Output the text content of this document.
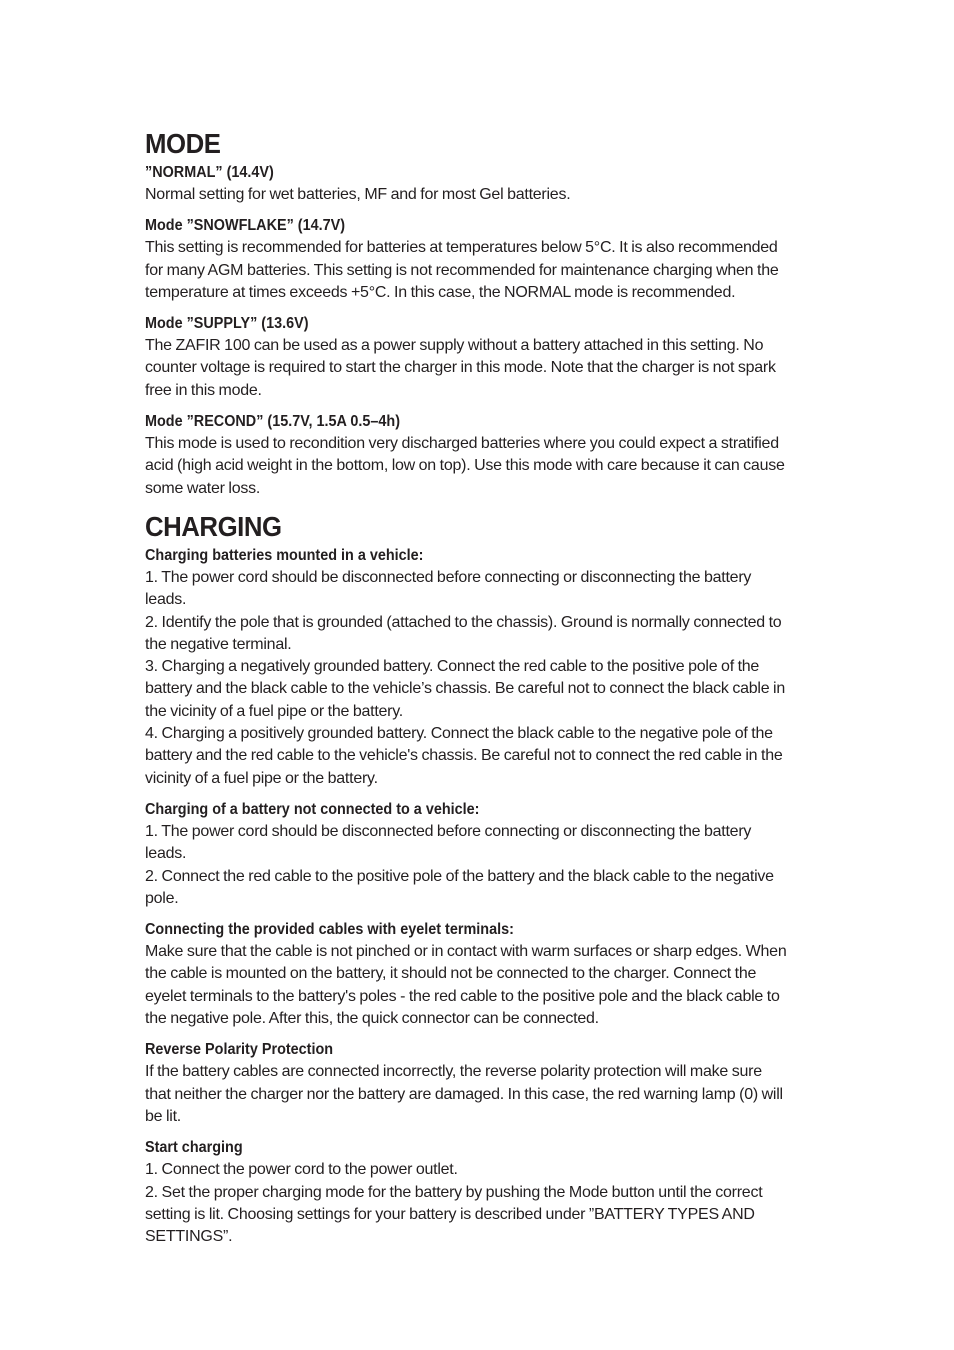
MODE
”NORMAL” (14.4V)

Normal setting for wet batteries, MF and for most Gel batteries.

Mode ”SNOWFLAKE” (14.7V)

This setting is recommended for batteries at temperatures below 5°C. It is also recommended
for many AGM batteries. This setting is not recommended for maintenance charging when the
temperature at times exceeds +5°C. In this case, the NORMAL mode is recommended.

Mode ”SUPPLY” (13.6V)

The ZAFIR 100 can be used as a power supply without a battery attached in this setting. No
counter voltage is required to start the charger in this mode. Note that the charger is not spark
free in this mode.

Mode ”RECOND” (15.7V, 1.5A 0.5–4h)

This mode is used to recondition very discharged batteries where you could expect a stratified
acid (high acid weight in the bottom, low on top). Use this mode with care because it can cause
some water loss.

CHARGING
Charging batteries mounted in a vehicle:

1. The power cord should be disconnected before connecting or disconnecting the battery
leads.
2. Identify the pole that is grounded (attached to the chassis). Ground is normally connected to
the negative terminal.
3. Charging a negatively grounded battery. Connect the red cable to the positive pole of the
battery and the black cable to the vehicle’s chassis. Be careful not to connect the black cable in
the vicinity of a fuel pipe or the battery.
4. Charging a positively grounded battery. Connect the black cable to the negative pole of the
battery and the red cable to the vehicle's chassis. Be careful not to connect the red cable in the
vicinity of a fuel pipe or the battery.

Charging of a battery not connected to a vehicle:

1. The power cord should be disconnected before connecting or disconnecting the battery
leads.
2. Connect the red cable to the positive pole of the battery and the black cable to the negative
pole.

Connecting the provided cables with eyelet terminals:

Make sure that the cable is not pinched or in contact with warm surfaces or sharp edges. When
the cable is mounted on the battery, it should not be connected to the charger. Connect the
eyelet terminals to the battery's poles - the red cable to the positive pole and the black cable to
the negative pole. After this, the quick connector can be connected.

Reverse Polarity Protection

If the battery cables are connected incorrectly, the reverse polarity protection will make sure
that neither the charger nor the battery are damaged. In this case, the red warning lamp (0) will
be lit.

Start charging

1. Connect the power cord to the power outlet.
2. Set the proper charging mode for the battery by pushing the Mode button until the correct
setting is lit. Choosing settings for your battery is described under ”BATTERY TYPES AND
SETTINGS”.
